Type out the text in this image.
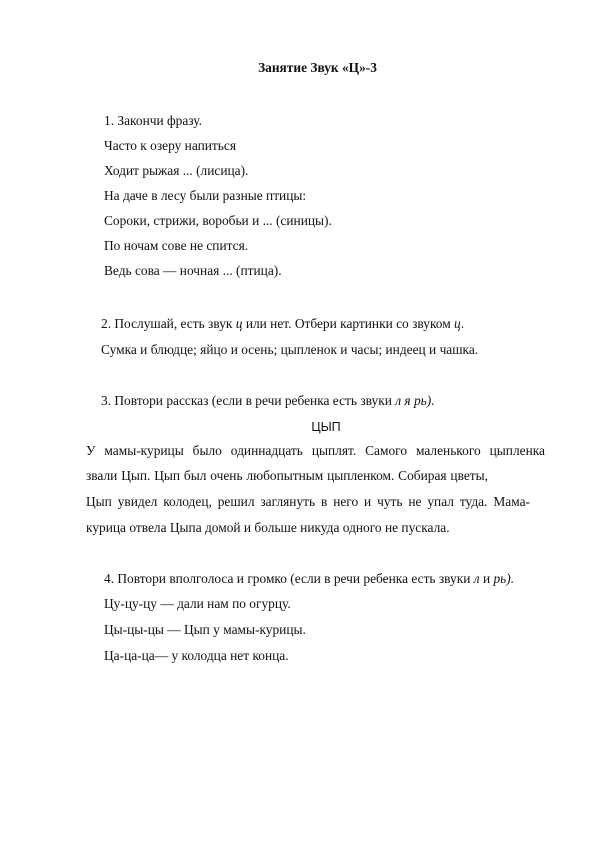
Занятие Звук «Ц»-3

1. Закончи фразу.

Часто к озеру напиться

Ходит рыжая ... (лисица).

На даче в лесу были разные птицы:

Сороки, стрижи, воробьи и ... (синицы).

По ночам сове не спится.

Ведь сова — ночная ... (птица).

2. Послушай, есть звук ц или нет. Отбери картинки со звуком ц.

Сумка и блюдце; яйцо и осень; цыпленок и часы; индеец и чашка.

3. Повтори рассказ (если в речи ребенка есть звуки л я рь).

ЦЫП

У мамы-курицы было одиннадцать цыплят. Самого маленького цыпленка

звали Цып. Цып был очень любопытным цыпленком. Собирая цветы,

Цып увидел колодец, решил заглянуть в него и чуть не упал туда. Мама-

курица отвела Цыпа домой и больше никуда одного не пускала.

4. Повтори вполголоса и громко (если в речи ребенка есть звуки л и рь).

Цу-цу-цу — дали нам по огурцу.

Цы-цы-цы — Цып у мамы-курицы.

Ца-ца-ца— у колодца нет конца.
